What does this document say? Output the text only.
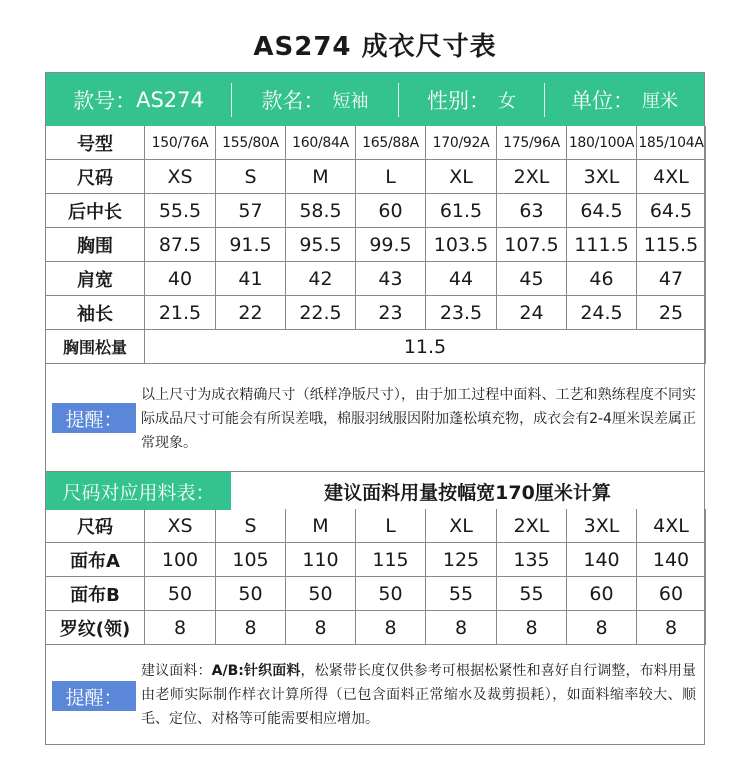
AS274 成衣尺寸表
款号： AS274	款名： 短袖	性别： 女	单位： 厘米
号型	150/76A	155/80A	160/84A	165/88A	170/92A	175/96A	180/100A	185/104A
尺码	XS	S	M	L	XL	2XL	3XL	4XL
后中长	55.5	57	58.5	60	61.5	63	64.5	64.5
胸围	87.5	91.5	95.5	99.5	103.5	107.5	111.5	115.5
肩宽	40	41	42	43	44	45	46	47
袖长	21.5	22	22.5	23	23.5	24	24.5	25
胸围松量	11.5							
提醒：
以上尺寸为成衣精确尺寸（纸样净版尺寸），由于加工过程中面料、工艺和熟练程度不同实际成品尺寸可能会有所误差哦，棉服羽绒服因附加蓬松填充物，成衣会有2-4厘米误差属正常现象。
尺码对应用料表：	建议面料用量按幅宽170厘米计算
尺码	XS	S	M	L	XL	2XL	3XL	4XL
面布A	100	105	110	115	125	135	140	140
面布B	50	50	50	50	55	55	60	60
罗纹(领)	8	8	8	8	8	8	8	8
提醒：
建议面料：A/B:针织面料，松紧带长度仅供参考可根据松紧性和喜好自行调整，布料用量由老师实际制作样衣计算所得（已包含面料正常缩水及裁剪损耗），如面料缩率较大、顺毛、定位、对格等可能需要相应增加。
